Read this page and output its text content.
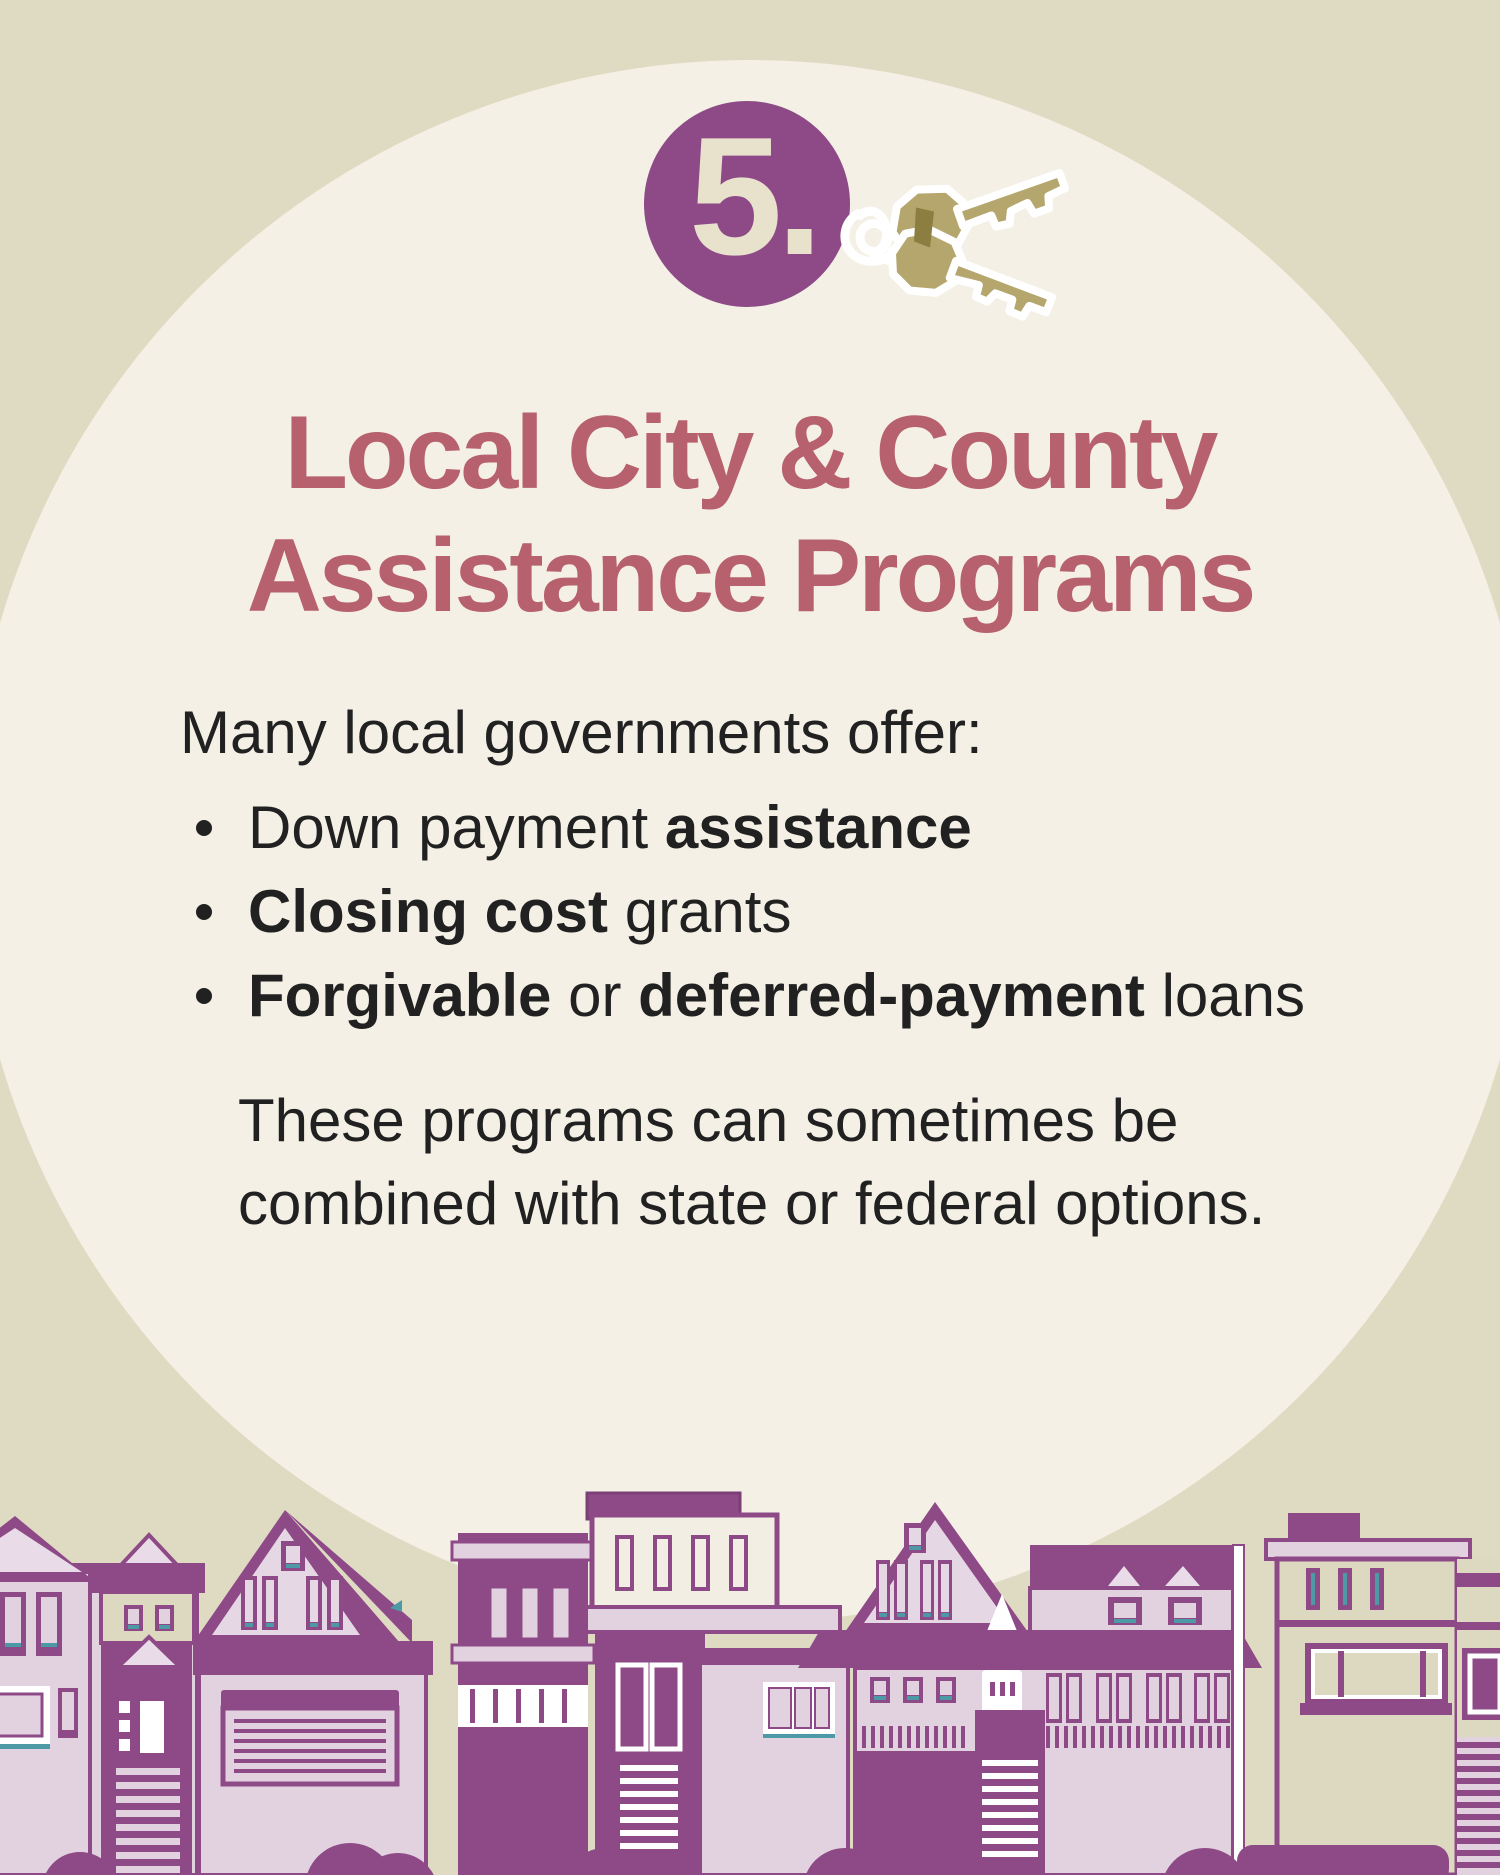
5.
Local City & County
Assistance Programs
Many local governments offer:
Down payment assistance
Closing cost grants
Forgivable or deferred-payment loans
These programs can sometimes be
combined with state or federal options.
